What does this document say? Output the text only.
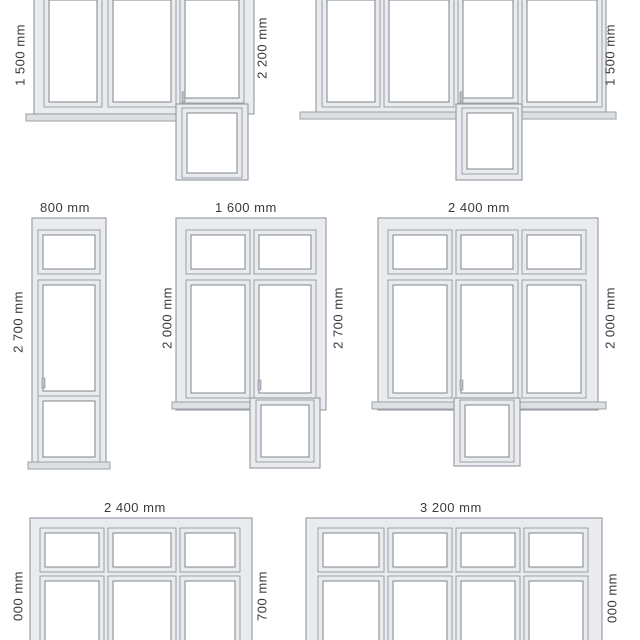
1 500 mm	2 200 mm	1 500 mm
800 mm
2 700 mm
1 600 mm
2 000 mm	2 700 mm
2 400 mm
2 000 mm
2 400 mm
000 mm	700 mm
3 200 mm
000 mm
